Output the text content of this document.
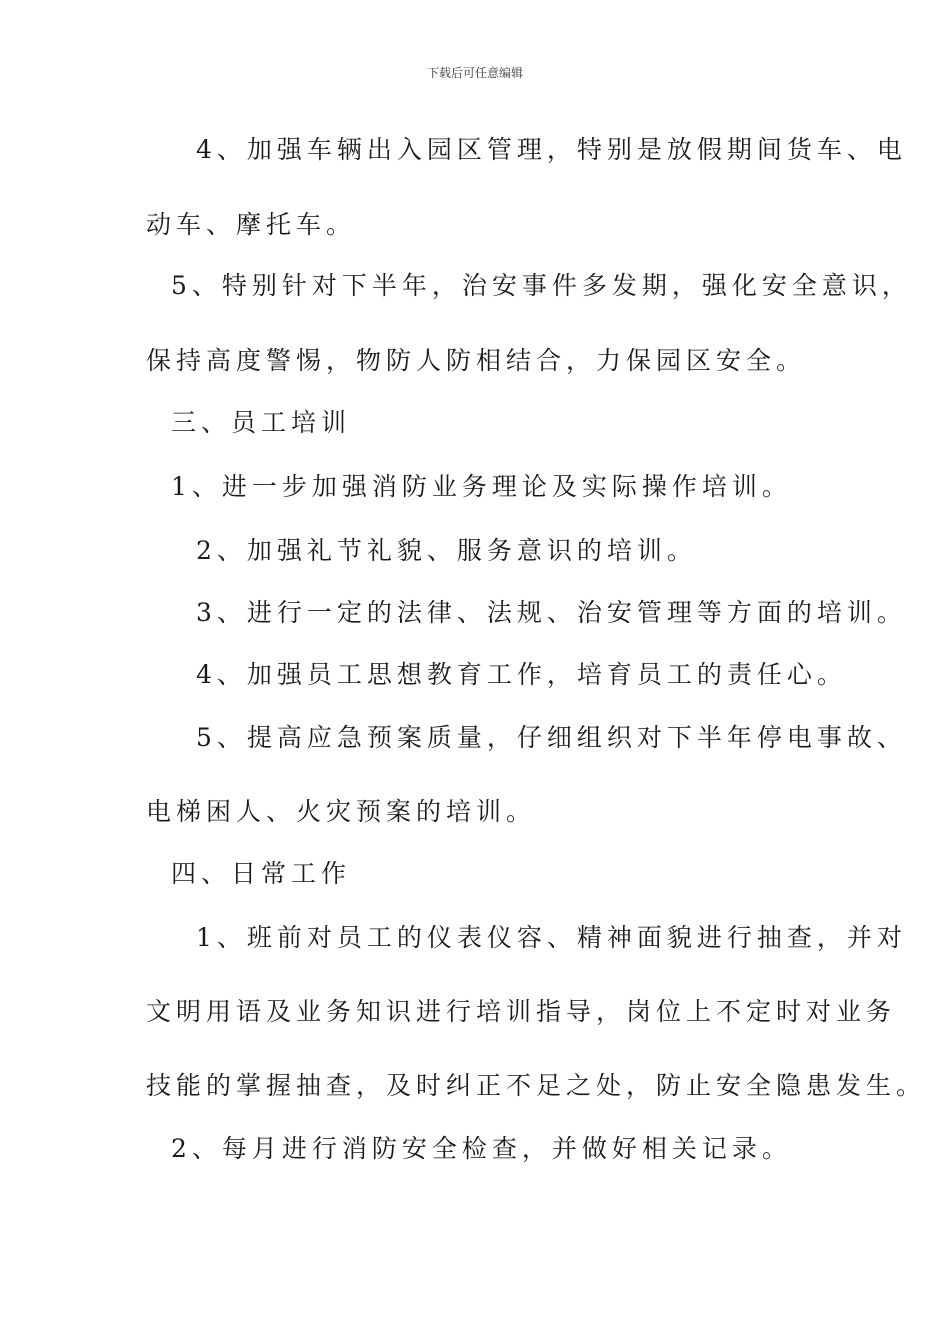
下载后可任意编辑
4、加强车辆出入园区管理，特别是放假期间货车、电
动车、摩托车。
5、特别针对下半年，治安事件多发期，强化安全意识，
保持高度警惕，物防人防相结合，力保园区安全。
三、员工培训
1、进一步加强消防业务理论及实际操作培训。
2、加强礼节礼貌、服务意识的培训。
3、进行一定的法律、法规、治安管理等方面的培训。
4、加强员工思想教育工作，培育员工的责任心。
5、提高应急预案质量，仔细组织对下半年停电事故、
电梯困人、火灾预案的培训。
四、日常工作
1、班前对员工的仪表仪容、精神面貌进行抽查，并对
文明用语及业务知识进行培训指导，岗位上不定时对业务
技能的掌握抽查，及时纠正不足之处，防止安全隐患发生。
2、每月进行消防安全检查，并做好相关记录。
